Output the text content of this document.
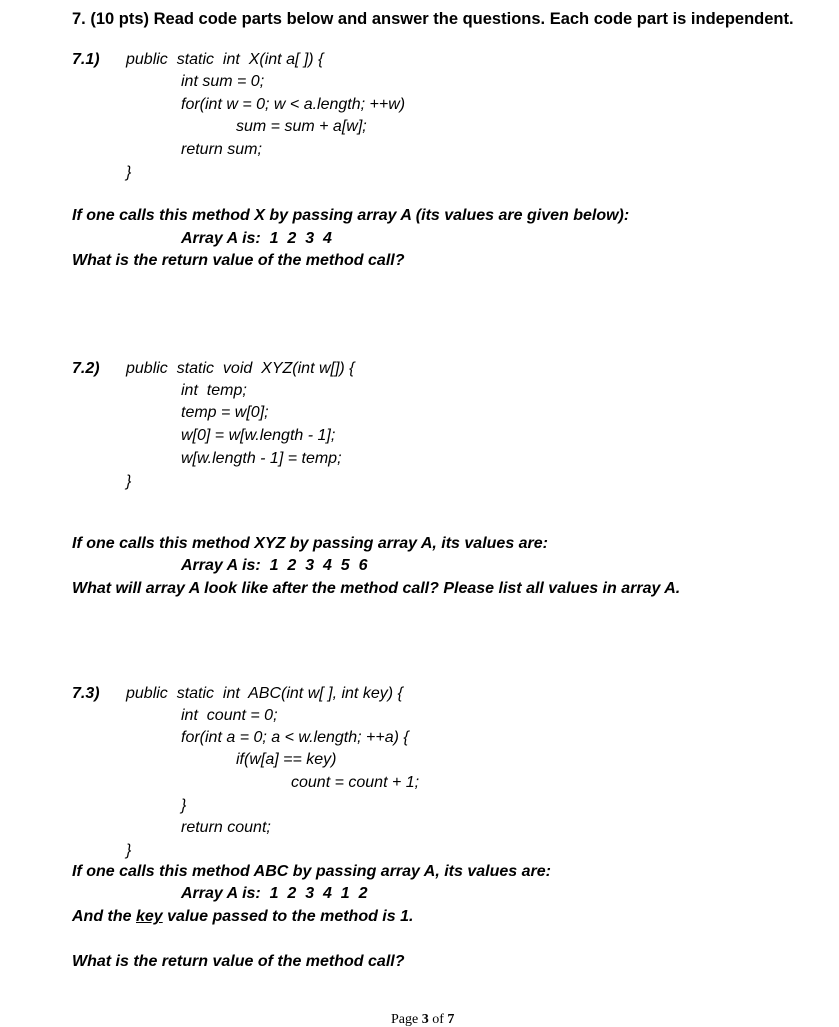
7. (10 pts) Read code parts below and answer the questions. Each code part is independent.
7.1) public  static  int  X(int a[ ]) {
int sum = 0;
for(int w = 0; w < a.length; ++w)
sum = sum + a[w];
return sum;
}
If one calls this method X by passing array A (its values are given below):
Array A is:  1  2  3  4
What is the return value of the method call?
7.2) public  static  void  XYZ(int w[]) {
int  temp;
temp = w[0];
w[0] = w[w.length - 1];
w[w.length - 1] = temp;
}
If one calls this method XYZ by passing array A, its values are:
Array A is:  1  2  3  4  5  6
What will array A look like after the method call? Please list all values in array A.
7.3) public  static  int  ABC(int w[ ], int key) {
int  count = 0;
for(int a = 0; a < w.length; ++a) {
if(w[a] == key)
count = count + 1;
}
return count;
}
If one calls this method ABC by passing array A, its values are:
Array A is:  1  2  3  4  1  2
And the key value passed to the method is 1.
What is the return value of the method call?
Page 3 of 7
